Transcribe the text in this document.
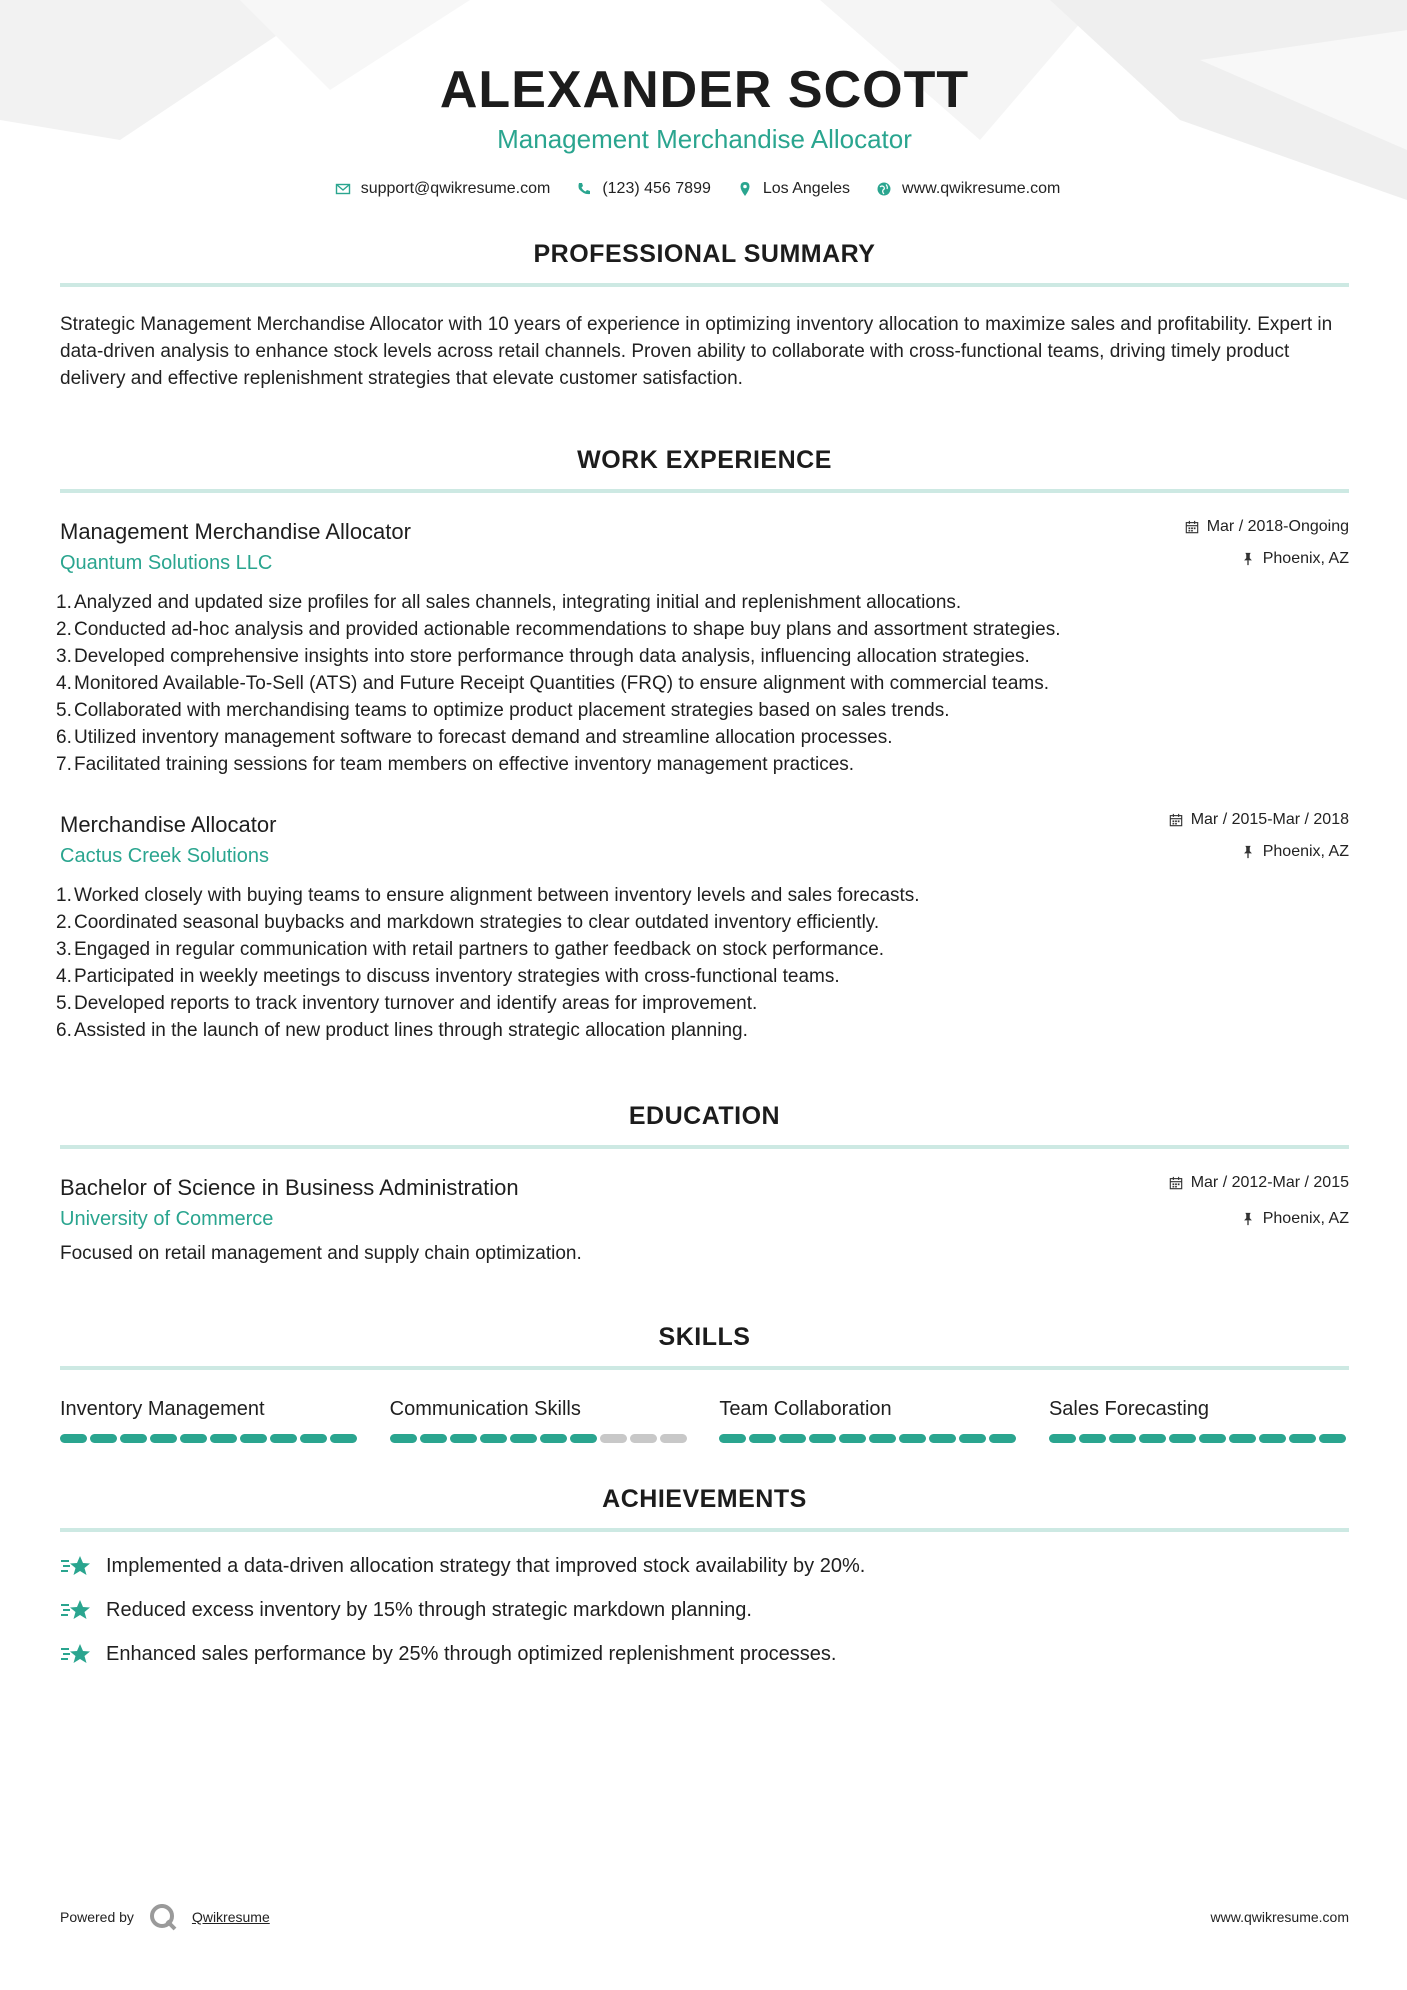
ALEXANDER SCOTT
Management Merchandise Allocator
support@qwikresume.com	(123) 456 7899	Los Angeles	www.qwikresume.com
PROFESSIONAL SUMMARY
Strategic Management Merchandise Allocator with 10 years of experience in optimizing inventory allocation to maximize sales and profitability. Expert in data-driven analysis to enhance stock levels across retail channels. Proven ability to collaborate with cross-functional teams, driving timely product delivery and effective replenishment strategies that elevate customer satisfaction.
WORK EXPERIENCE
Management Merchandise Allocator
Quantum Solutions LLC
Mar / 2018-Ongoing
Phoenix, AZ
1. Analyzed and updated size profiles for all sales channels, integrating initial and replenishment allocations.
2. Conducted ad-hoc analysis and provided actionable recommendations to shape buy plans and assortment strategies.
3. Developed comprehensive insights into store performance through data analysis, influencing allocation strategies.
4. Monitored Available-To-Sell (ATS) and Future Receipt Quantities (FRQ) to ensure alignment with commercial teams.
5. Collaborated with merchandising teams to optimize product placement strategies based on sales trends.
6. Utilized inventory management software to forecast demand and streamline allocation processes.
7. Facilitated training sessions for team members on effective inventory management practices.
Merchandise Allocator
Cactus Creek Solutions
Mar / 2015-Mar / 2018
Phoenix, AZ
1. Worked closely with buying teams to ensure alignment between inventory levels and sales forecasts.
2. Coordinated seasonal buybacks and markdown strategies to clear outdated inventory efficiently.
3. Engaged in regular communication with retail partners to gather feedback on stock performance.
4. Participated in weekly meetings to discuss inventory strategies with cross-functional teams.
5. Developed reports to track inventory turnover and identify areas for improvement.
6. Assisted in the launch of new product lines through strategic allocation planning.
EDUCATION
Bachelor of Science in Business Administration
University of Commerce
Mar / 2012-Mar / 2015
Phoenix, AZ
Focused on retail management and supply chain optimization.
SKILLS
Inventory Management	Communication Skills	Team Collaboration	Sales Forecasting
ACHIEVEMENTS
Implemented a data-driven allocation strategy that improved stock availability by 20%.
Reduced excess inventory by 15% through strategic markdown planning.
Enhanced sales performance by 25% through optimized replenishment processes.
Powered by	Qwikresume	www.qwikresume.com
